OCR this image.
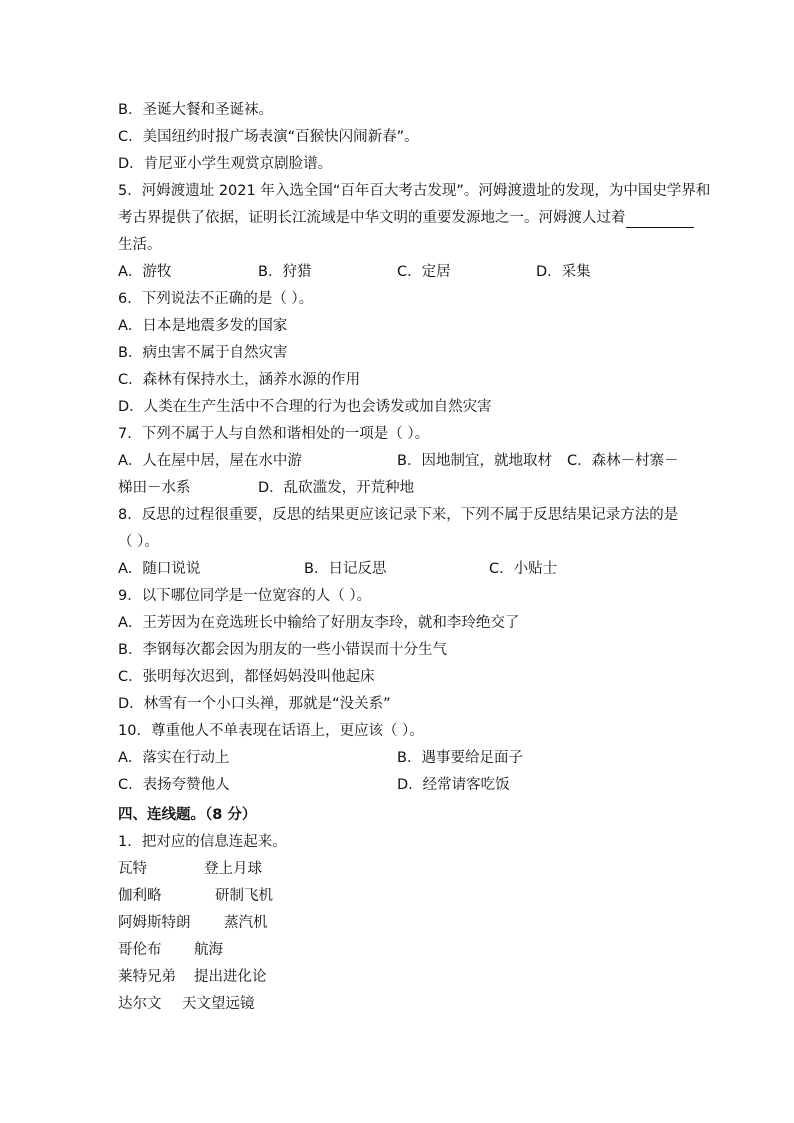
B．圣诞大餐和圣诞袜。
C．美国纽约时报广场表演“百猴快闪闹新春”。
D．肯尼亚小学生观赏京剧脸谱。
5．河姆渡遗址 2021 年入选全国“百年百大考古发现”。河姆渡遗址的发现，为中国史学界和
考古界提供了依据，证明长江流域是中华文明的重要发源地之一。河姆渡人过着
生活。
A．游牧	B．狩猎	C．定居	D．采集
6．下列说法不正确的是（ ）。
A．日本是地震多发的国家
B．病虫害不属于自然灾害
C．森林有保持水土，涵养水源的作用
D．人类在生产生活中不合理的行为也会诱发或加自然灾害
7．下列不属于人与自然和谐相处的一项是（ ）。
A．人在屋中居，屋在水中游	B．因地制宜，就地取材 C．森林－村寨－
梯田－水系	D．乱砍滥发，开荒种地
8．反思的过程很重要，反思的结果更应该记录下来，下列不属于反思结果记录方法的是
（ ）。
A．随口说说	B．日记反思	C．小贴士
9．以下哪位同学是一位宽容的人（ ）。
A．王芳因为在竞选班长中输给了好朋友李玲，就和李玲绝交了
B．李钢每次都会因为朋友的一些小错误而十分生气
C．张明每次迟到，都怪妈妈没叫他起床
D．林雪有一个小口头禅，那就是“没关系”
10．尊重他人不单表现在话语上，更应该（ ）。
A．落实在行动上	B．遇事要给足面子
C．表扬夸赞他人	D．经常请客吃饭
四、连线题。（8 分）
1．把对应的信息连起来。
瓦特	登上月球
伽利略	研制飞机
阿姆斯特朗 蒸汽机
哥伦布 航海
莱特兄弟 提出进化论
达尔文 天文望远镜
